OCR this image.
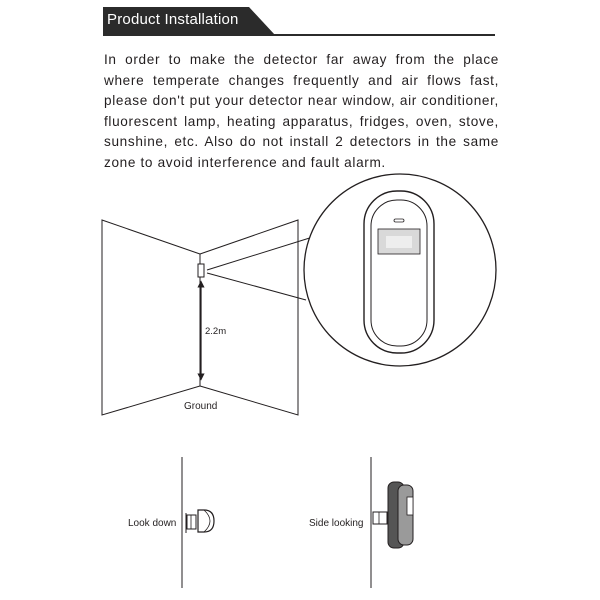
Product Installation

In order to make the detector far away from the place where temperate changes frequently and air flows fast, please don't put your detector near window, air conditioner, fluorescent lamp, heating apparatus, fridges, oven, stove, sunshine, etc. Also do not install 2 detectors in the same zone to avoid interference and fault alarm.

2.2m
Ground
Look down	Side looking
